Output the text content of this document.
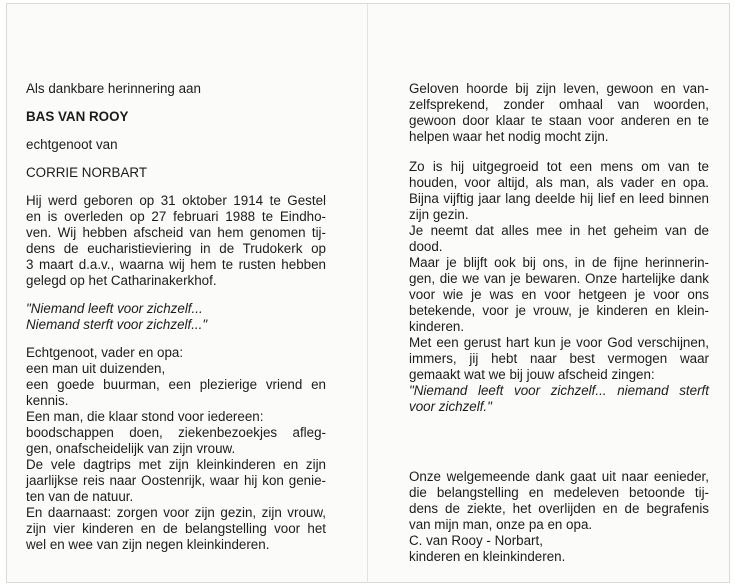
Als dankbare herinnering aan

BAS VAN ROOY

echtgenoot van

CORRIE NORBART

Hij werd geboren op 31 oktober 1914 te Gestel

en is overleden op 27 februari 1988 te Eindho-

ven. Wij hebben afscheid van hem genomen tij-

dens de eucharistieviering in de Trudokerk op

3 maart d.a.v., waarna wij hem te rusten hebben

gelegd op het Catharinakerkhof.

"Niemand leeft voor zichzelf...

Niemand sterft voor zichzelf..."

Echtgenoot, vader en opa:

een man uit duizenden,

een goede buurman, een plezierige vriend en

kennis.

Een man, die klaar stond voor iedereen:

boodschappen doen, ziekenbezoekjes afleg-

gen, onafscheidelijk van zijn vrouw.

De vele dagtrips met zijn kleinkinderen en zijn

jaarlijkse reis naar Oostenrijk, waar hij kon genie-

ten van de natuur.

En daarnaast: zorgen voor zijn gezin, zijn vrouw,

zijn vier kinderen en de belangstelling voor het

wel en wee van zijn negen kleinkinderen.

Geloven hoorde bij zijn leven, gewoon en van-

zelfsprekend, zonder omhaal van woorden,

gewoon door klaar te staan voor anderen en te

helpen waar het nodig mocht zijn.

Zo is hij uitgegroeid tot een mens om van te

houden, voor altijd, als man, als vader en opa.

Bijna vijftig jaar lang deelde hij lief en leed binnen

zijn gezin.

Je neemt dat alles mee in het geheim van de

dood.

Maar je blijft ook bij ons, in de fijne herinnerin-

gen, die we van je bewaren. Onze hartelijke dank

voor wie je was en voor hetgeen je voor ons

betekende, voor je vrouw, je kinderen en klein-

kinderen.

Met een gerust hart kun je voor God verschijnen,

immers, jij hebt naar best vermogen waar

gemaakt wat we bij jouw afscheid zingen:

"Niemand leeft voor zichzelf... niemand sterft

voor zichzelf."

Onze welgemeende dank gaat uit naar eenieder,

die belangstelling en medeleven betoonde tij-

dens de ziekte, het overlijden en de begrafenis

van mijn man, onze pa en opa.

C. van Rooy - Norbart,

kinderen en kleinkinderen.
